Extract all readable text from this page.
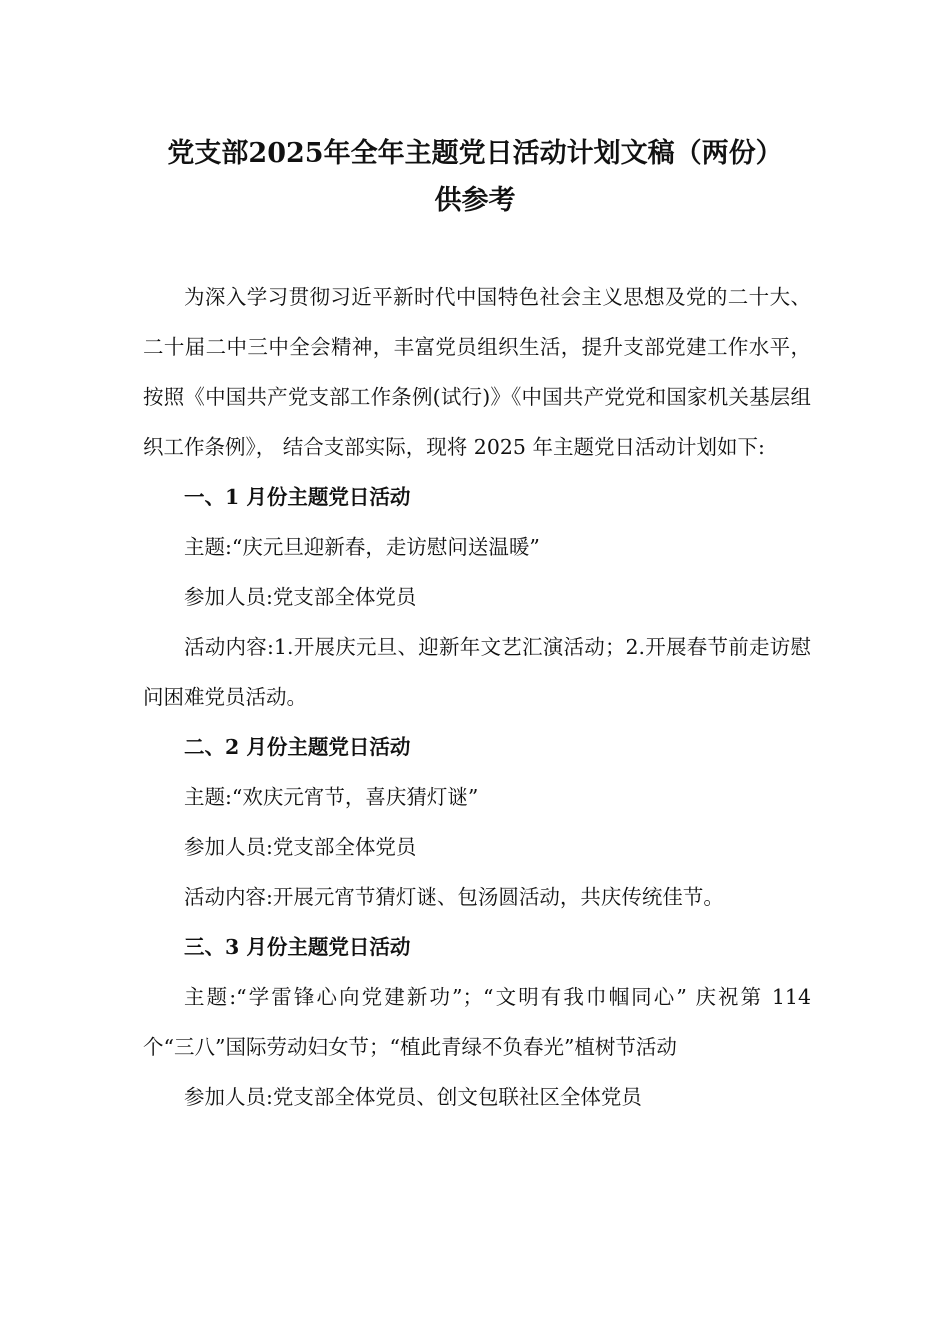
党支部2025年全年主题党日活动计划文稿（两份）
供参考

为深入学习贯彻习近平新时代中国特色社会主义思想及党的二十大、二十届二中三中全会精神，丰富党员组织生活，提升支部党建工作水平，按照《中国共产党支部工作条例(试行)》《中国共产党党和国家机关基层组织工作条例》， 结合支部实际，现将 2025 年主题党日活动计划如下:

一、1 月份主题党日活动

主题:“庆元旦迎新春，走访慰问送温暖”

参加人员:党支部全体党员

活动内容:1.开展庆元旦、迎新年文艺汇演活动；2.开展春节前走访慰问困难党员活动。

二、2 月份主题党日活动

主题:“欢庆元宵节，喜庆猜灯谜”

参加人员:党支部全体党员

活动内容:开展元宵节猜灯谜、包汤圆活动，共庆传统佳节。

三、3 月份主题党日活动

主题:“学雷锋心向党建新功”；“文明有我巾帼同心” 庆祝第 114 个“三八”国际劳动妇女节；“植此青绿不负春光”植树节活动

参加人员:党支部全体党员、创文包联社区全体党员
